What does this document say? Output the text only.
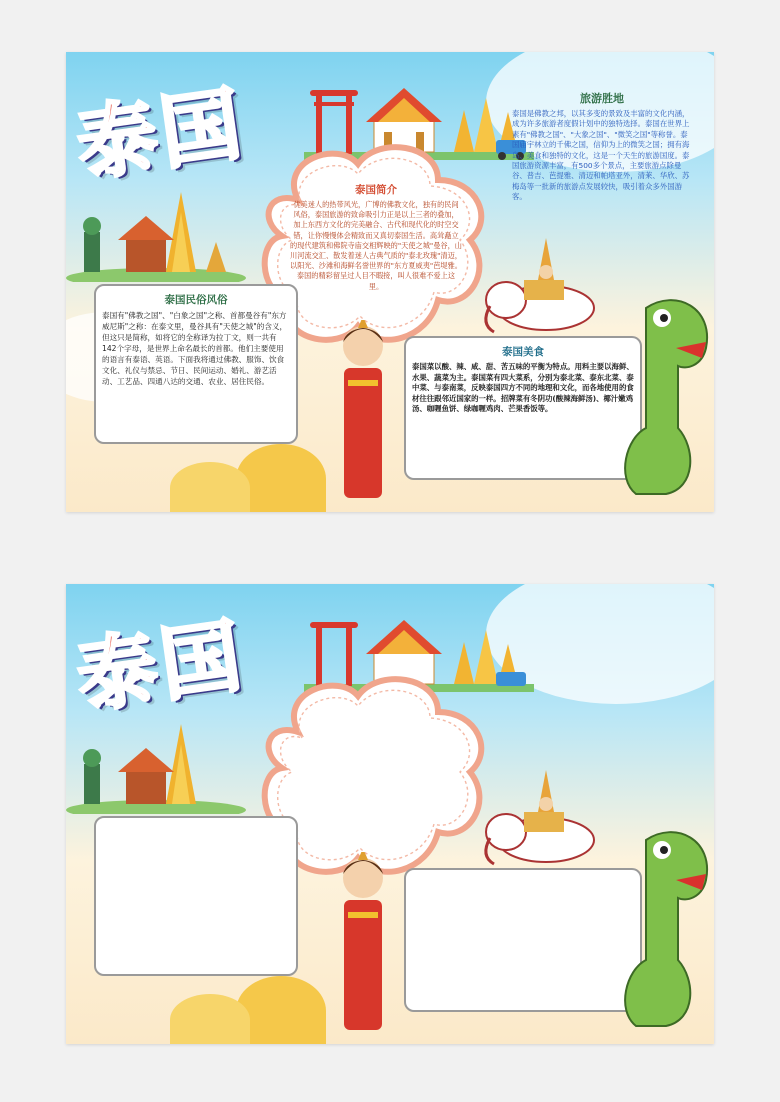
泰国	泰国简介
优美迷人的热带风光，广博的佛教文化，独有的民间风俗，泰国旅游的致命吸引力正是以上三者的叠加，加上东西方文化的完美融合、古代和现代化的时空交错，让你慢慢体会精致而又真切泰国生活。高耸矗立的现代建筑和佛院寺庙交相辉映的"天使之城"曼谷，山川河流交汇、散发着迷人古典气质的"泰北玫瑰"清迈，以阳光、沙滩和海鲜名誉世界的"东方夏威夷"芭堤雅。泰国的精彩留呈过人目不暇接，叫人很难不爱上这里。
旅游胜地
泰国是佛教之邦，以其多变的景致及丰富的文化内涵，成为许多旅游者度假计划中的独特选择。泰国在世界上素有"佛教之国"、"大象之国"、"微笑之国"等称誉。泰国庙宇林立的千佛之国，信仰为上的微笑之国；拥有海岛、美食和独特的文化，这是一个天生的旅游国度。泰国旅游资源丰富，有500多个景点，主要旅游点除曼谷、普吉、芭提雅、清迈和帕塔亚外，清莱、华欣、苏梅岛等一批新的旅游点发展较快，吸引着众多外国游客。
泰国民俗风俗
泰国有"佛教之国"、"白象之国"之称、首都曼谷有"东方威尼斯"之称：在泰文里，曼谷具有"天使之城"的含义，但这只是简称，如将它的全称译为拉丁文，则一共有142个字母，是世界上命名最长的首都。他们主要使用的语言有泰语、英语。下面我将通过佛教、服饰、饮食文化、礼仪与禁忌、节日、民间运动、婚礼、游艺活动、工艺品、四通八达的交通、农业、居住民俗。
泰国美食
泰国菜以酸、辣、咸、甜、苦五味的平衡为特点。用料主要以海鲜、水果、蔬菜为主。泰国菜有四大菜系，分别为泰北菜、泰东北菜、泰中菜、与泰南菜，反映泰国四方不同的地理和文化，而各地使用的食材往往跟邻近国家的一样。招牌菜有冬阴功(酸辣海鲜汤)、椰汁嫩鸡汤、咖喱鱼饼、绿咖喱鸡肉、芒果香饭等。
泰国
